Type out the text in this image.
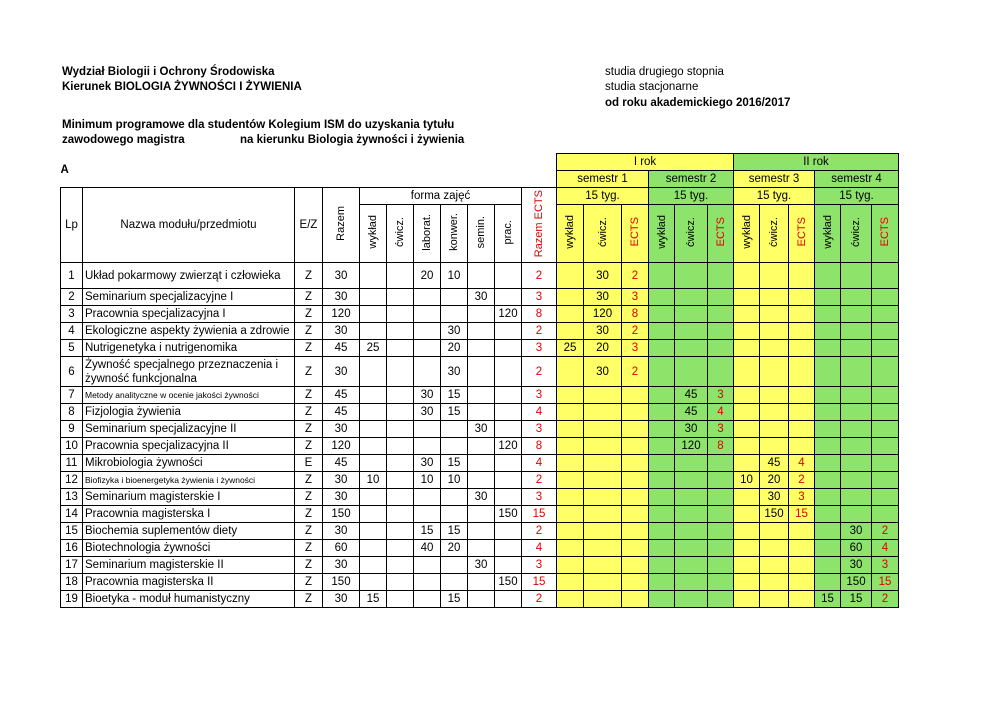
Wydział Biologii i Ochrony Środowiska
Kierunek BIOLOGIA ŻYWNOŚCI I ŻYWIENIA
studia drugiego stopnia
studia stacjonarne
od roku akademickiego 2016/2017
Minimum programowe dla studentów Kolegium ISM do uzyskania tytułu
zawodowego magistra	na kierunku Biologia żywności i żywienia
A											I rok						II rok					
											semestr 1			semestr 2			semestr 3			semestr 4		
Lp	Nazwa modułu/przedmiotu	E/Z	Razem	forma zajęć						Razem ECTS	15 tyg.			15 tyg.			15 tyg.			15 tyg.		
				wykład	ćwicz.	laborat.	konwer.	semin.	prac.		wykład	ćwicz.	ECTS	wykład	ćwicz.	ECTS	wykład	ćwicz.	ECTS	wykład	ćwicz.	ECTS
1	Układ pokarmowy zwierząt i człowieka	Z	30			20	10			2		30	2									
2	Seminarium specjalizacyjne I	Z	30					30		3		30	3									
3	Pracownia specjalizacyjna I	Z	120						120	8		120	8									
4	Ekologiczne aspekty żywienia a zdrowie	Z	30				30			2		30	2									
5	Nutrigenetyka i nutrigenomika	Z	45	25			20			3	25	20	3									
6	Żywność specjalnego przeznaczenia i żywność funkcjonalna	Z	30				30			2		30	2									
7	Metody analityczne w ocenie jakości żywności	Z	45			30	15			3					45	3						
8	Fizjologia żywienia	Z	45			30	15			4					45	4						
9	Seminarium specjalizacyjne II	Z	30					30		3					30	3						
10	Pracownia specjalizacyjna II	Z	120						120	8					120	8						
11	Mikrobiologia żywności	E	45			30	15			4								45	4			
12	Biofizyka i bioenergetyka żywienia i żywności	Z	30	10		10	10			2							10	20	2			
13	Seminarium magisterskie I	Z	30					30		3								30	3			
14	Pracownia magisterska I	Z	150						150	15								150	15			
15	Biochemia suplementów diety	Z	30			15	15			2											30	2
16	Biotechnologia żywności	Z	60			40	20			4											60	4
17	Seminarium magisterskie II	Z	30					30		3											30	3
18	Pracownia magisterska II	Z	150						150	15											150	15
19	Bioetyka - moduł humanistyczny	Z	30	15			15			2										15	15	2
